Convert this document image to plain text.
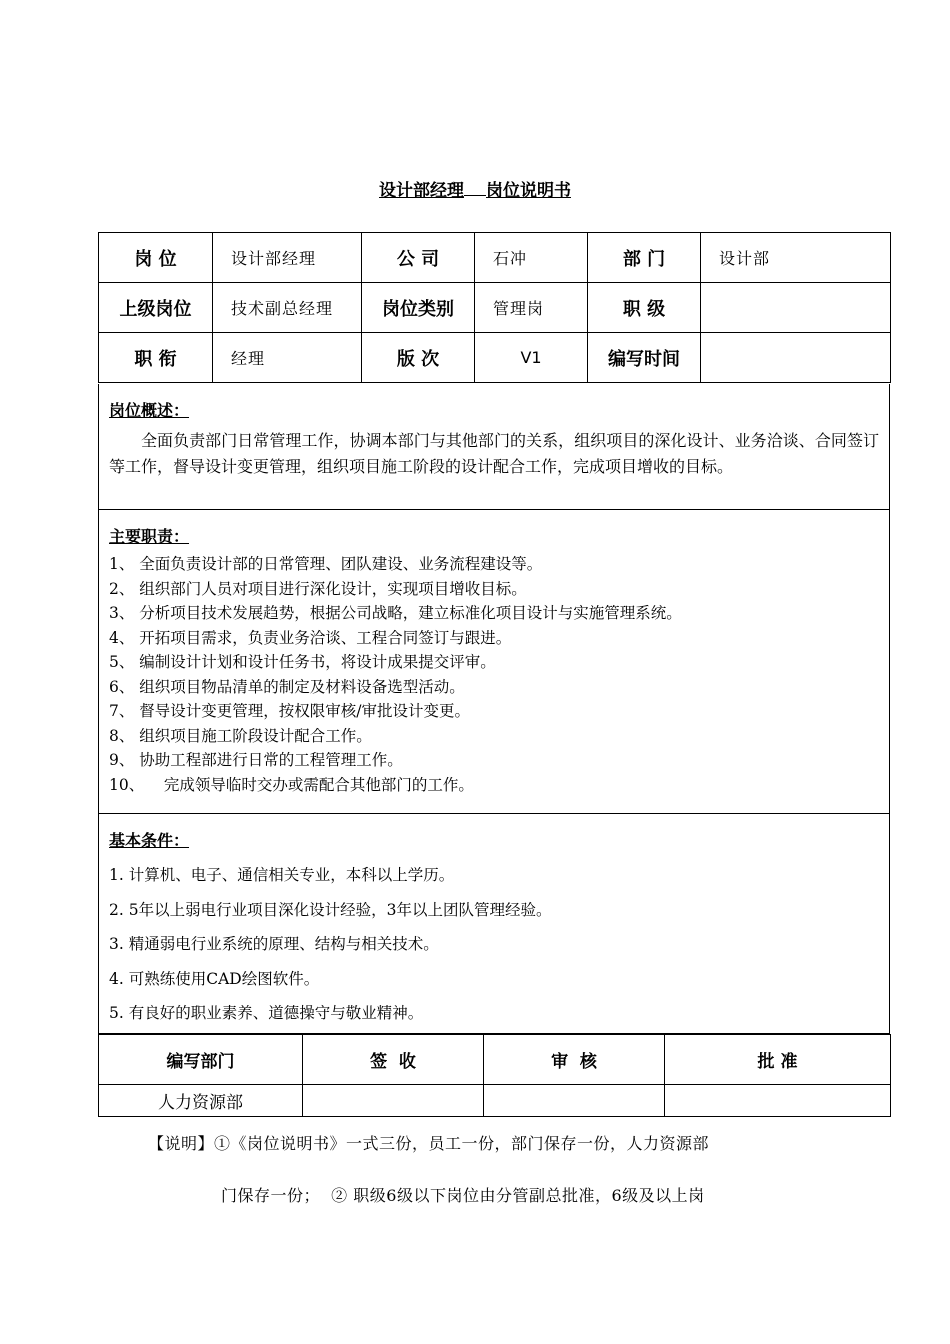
设计部经理 岗位说明书
岗 位	设计部经理	公 司	石冲	部 门	设计部
上级岗位	技术副总经理	岗位类别	管理岗	职 级	
职 衔	经理	版 次	V1	编写时间	
岗位概述：
全面负责部门日常管理工作，协调本部门与其他部门的关系，组织项目的深化设计、业务洽谈、合同签订等工作，督导设计变更管理，组织项目施工阶段的设计配合工作，完成项目增收的目标。
主要职责：
1、 全面负责设计部的日常管理、团队建设、业务流程建设等。
2、 组织部门人员对项目进行深化设计，实现项目增收目标。
3、 分析项目技术发展趋势，根据公司战略，建立标准化项目设计与实施管理系统。
4、 开拓项目需求，负责业务洽谈、工程合同签订与跟进。
5、 编制设计计划和设计任务书，将设计成果提交评审。
6、 组织项目物品清单的制定及材料设备选型活动。
7、 督导设计变更管理，按权限审核/审批设计变更。
8、 组织项目施工阶段设计配合工作。
9、 协助工程部进行日常的工程管理工作。
10、    完成领导临时交办或需配合其他部门的工作。
基本条件：
1. 计算机、电子、通信相关专业，本科以上学历。
2. 5年以上弱电行业项目深化设计经验，3年以上团队管理经验。
3. 精通弱电行业系统的原理、结构与相关技术。
4. 可熟练使用CAD绘图软件。
5. 有良好的职业素养、道德操守与敬业精神。
编写部门	签  收	审  核	批 准
人力资源部			
【说明】①《岗位说明书》一式三份，员工一份，部门保存一份，人力资源部
门保存一份；  ② 职级6级以下岗位由分管副总批准，6级及以上岗
